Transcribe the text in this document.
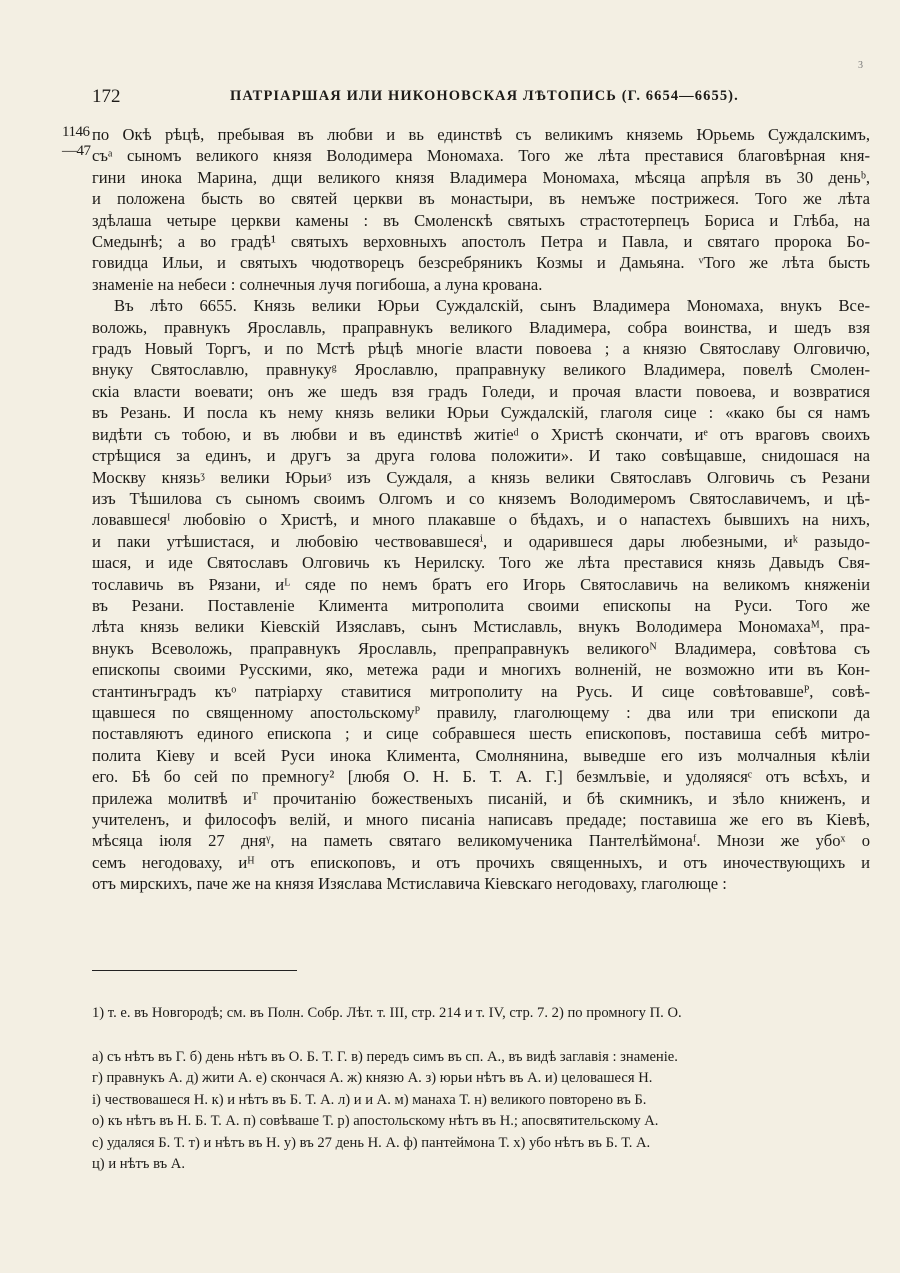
3
172	ПАТРІАРШАЯ ИЛИ НИКОНОВСКАЯ ЛѢТОПИСЬ (Г. 6654—6655).
1146
—47

по Окѣ рѣцѣ, пребывая въ любви и вь единствѣ съ великимъ княземь Юрьемь Суждалскимъ,

съᵃ сыномъ великого князя Володимера Мономаха. Того же лѣта преставися благовѣрная кня-

гини инока Марина, дщи великого князя Владимера Мономаха, мѣсяца апрѣля въ 30 деньᵇ,

и положена бысть во святей церкви въ монастыри, въ немъже пострижеся. Того же лѣта

здѣлаша четыре церкви камены : въ Смоленскѣ святыхъ страстотерпецъ Бориса и Глѣба, на

Смедынѣ; а во градѣ¹ святыхъ верховныхъ апостолъ Петра и Павла, и святаго пророка Бо-

говидца Ильи, и святыхъ чюдотворецъ безсребряникъ Козмы и Дамьяна. ᵛТого же лѣта бысть

знаменіе на небеси : солнечныя лучя погибоша, а луна крована.

Въ лѣто 6655. Князь велики Юрьи Суждалскій, сынъ Владимера Мономаха, внукъ Все-

воложь, правнукъ Ярославль, праправнукъ великого Владимера, собра воинства, и шедъ взя

градъ Новый Торгъ, и по Мстѣ рѣцѣ многіе власти повоева ; а князю Святославу Олговичю,

внуку Святославлю, правнукуᵍ Ярославлю, праправнуку великого Владимера, повелѣ Смолен-

скіа власти воевати; онъ же шедъ взя градъ Голеди, и прочая власти повоева, и возвратися

въ Резань. И посла къ нему князь велики Юрьи Суждалскій, глаголя сице : «како бы ся намъ

видѣти съ тобою, и въ любви и въ единствѣ житіеᵈ о Христѣ скончати, иᵉ отъ враговъ своихъ

стрѣщися за единъ, и другъ за друга голова положити». И тако совѣщавше, снидошася на

Москву князьᶾ велики Юрьиᶾ изъ Суждаля, а князь велики Святославъ Олговичь съ Резани

изъ Тѣшилова съ сыномъ своимъ Олгомъ и со княземъ Володимеромъ Святославичемъ, и цѣ-

ловавшесяᴵ любовію о Христѣ, и много плакавше о бѣдахъ, и о напастехъ бывшихъ на нихъ,

и паки утѣшистася, и любовію чествовавшесяⁱ, и одарившеся дары любезными, иᵏ разыдо-

шася, и иде Святославъ Олговичь къ Нерилску. Того же лѣта преставися князь Давыдъ Свя-

тославичь въ Рязани, иᴸ сяде по немъ братъ его Игорь Святославичь на великомъ княженіи

въ Резани. Поставленіе Климента митрополита своими епископы на Руси. Того же

лѣта князь велики Кіевскій Изяславъ, сынъ Мстиславль, внукъ Володимера Мономахаᴹ, пра-

внукъ Всеволожь, праправнукъ Ярославль, препраправнукъ великогоᴺ Владимера, совѣтова съ

епископы своими Русскими, яко, метежа ради и многихъ волненій, не возможно ити въ Кон-

стантинъградъ къᵒ патріарху ставитися митрополиту на Русь. И сице совѣтовавшеᴾ, совѣ-

щавшеся по священному апостольскомуᴾ правилу, глаголющему : два или три епископи да

поставляютъ единого епископа ; и сице собравшеся шесть епископовъ, поставиша себѣ митро-

полита Кіеву и всей Руси инока Климента, Смолнянина, выведше его изъ молчалныя кѣліи

его. Бѣ бо сей по премногу² [любя О. Н. Б. Т. А. Г.] безмлъвіе, и удоляясяᶜ отъ всѣхъ, и

прилежа молитвѣ иᵀ прочитанію божественыхъ писаній, и бѣ скимникъ, и зѣло книженъ, и

учителенъ, и философъ велій, и много писаніа написавъ предаде; поставиша же его въ Кіевѣ,

мѣсяца іюля 27 дняᵞ, на паметь святаго великомученика Пантелѣймонаᶠ. Мнози же убоˣ о

семъ негодоваху, иᴴ отъ епископовъ, и отъ прочихъ священныхъ, и отъ иночествующихъ и

отъ мирскихъ, паче же на князя Изяслава Мстиславича Кіевскаго негодоваху, глаголюще :

1) т. е. въ Новгородѣ; см. въ Полн. Собр. Лѣт. т. III, стр. 214 и т. IV, стр. 7. 2) по промногу П. О.

а) съ нѣтъ въ Г. б) день нѣтъ въ О. Б. Т. Г. в) передъ симъ въ сп. А., въ видѣ заглавія : знаменіе.

г) правнукъ А. д) жити А. е) скончася А. ж) князю А. з) юрьи нѣтъ въ А. и) целовашеся Н.

і) чествовашеся Н. к) и нѣтъ въ Б. Т. А. л) и и А. м) манаха Т. н) великого повторено въ Б.

о) къ нѣтъ въ Н. Б. Т. А. п) совѣваше Т. р) апостольскому нѣтъ въ Н.; апосвятительскому А.

с) удаляся Б. Т. т) и нѣтъ въ Н. у) въ 27 день Н. А. ф) пантеймона Т. х) убо нѣтъ въ Б. Т. А.

ц) и нѣтъ въ А.
